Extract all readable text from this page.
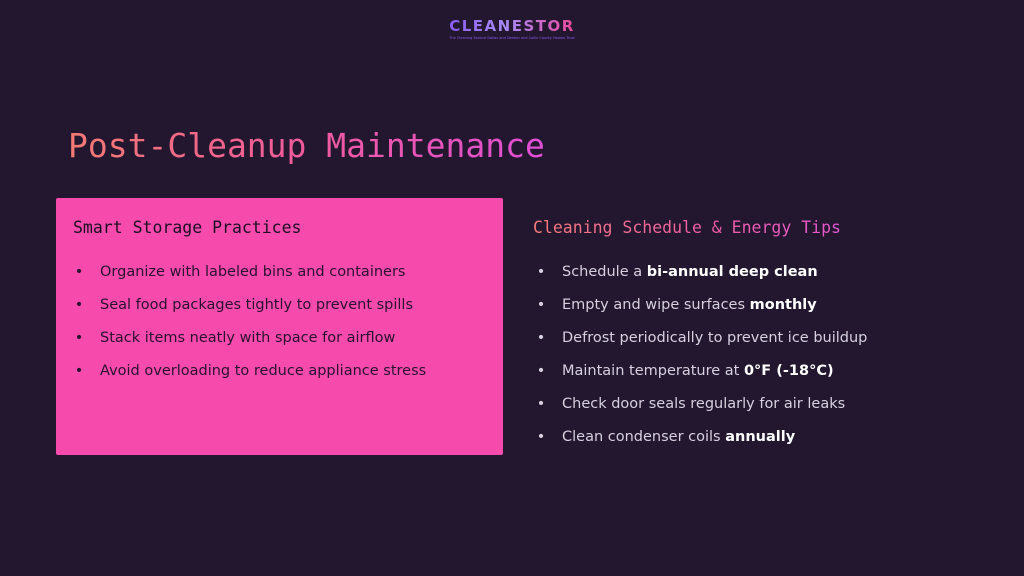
CLEANESTOR
The Cleaning Service Dallas and Denton and Collin County Homes Trust
Post-Cleanup Maintenance
Smart Storage Practices
• Organize with labeled bins and containers
• Seal food packages tightly to prevent spills
• Stack items neatly with space for airflow
• Avoid overloading to reduce appliance stress
Cleaning Schedule & Energy Tips
• Schedule a bi-annual deep clean
• Empty and wipe surfaces monthly
• Defrost periodically to prevent ice buildup
• Maintain temperature at 0°F (-18°C)
• Check door seals regularly for air leaks
• Clean condenser coils annually
